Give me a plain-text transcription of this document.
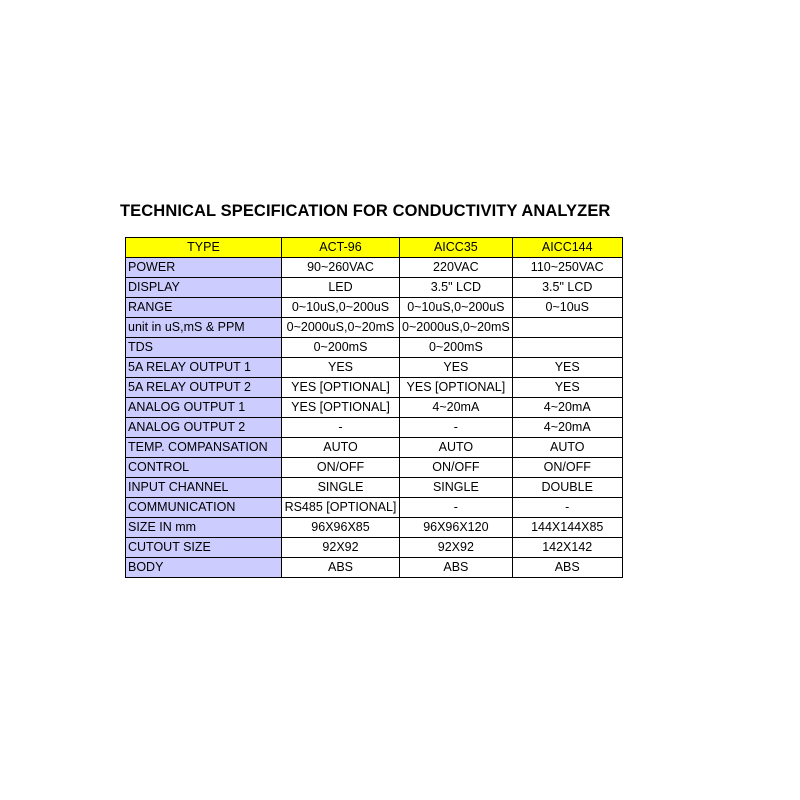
TECHNICAL SPECIFICATION FOR CONDUCTIVITY ANALYZER
TYPE	ACT-96	AICC35	AICC144
POWER	90~260VAC	220VAC	110~250VAC
DISPLAY	LED	3.5" LCD	3.5" LCD
RANGE	0~10uS,0~200uS	0~10uS,0~200uS	0~10uS
unit in uS,mS & PPM	0~2000uS,0~20mS	0~2000uS,0~20mS	
TDS	0~200mS	0~200mS	
5A RELAY OUTPUT 1	YES	YES	YES
5A RELAY OUTPUT 2	YES [OPTIONAL]	YES [OPTIONAL]	YES
ANALOG OUTPUT 1	YES [OPTIONAL]	4~20mA	4~20mA
ANALOG OUTPUT 2	-	-	4~20mA
TEMP. COMPANSATION	AUTO	AUTO	AUTO
CONTROL	ON/OFF	ON/OFF	ON/OFF
INPUT CHANNEL	SINGLE	SINGLE	DOUBLE
COMMUNICATION	RS485 [OPTIONAL]	-	-
SIZE IN mm	96X96X85	96X96X120	144X144X85
CUTOUT SIZE	92X92	92X92	142X142
BODY	ABS	ABS	ABS
